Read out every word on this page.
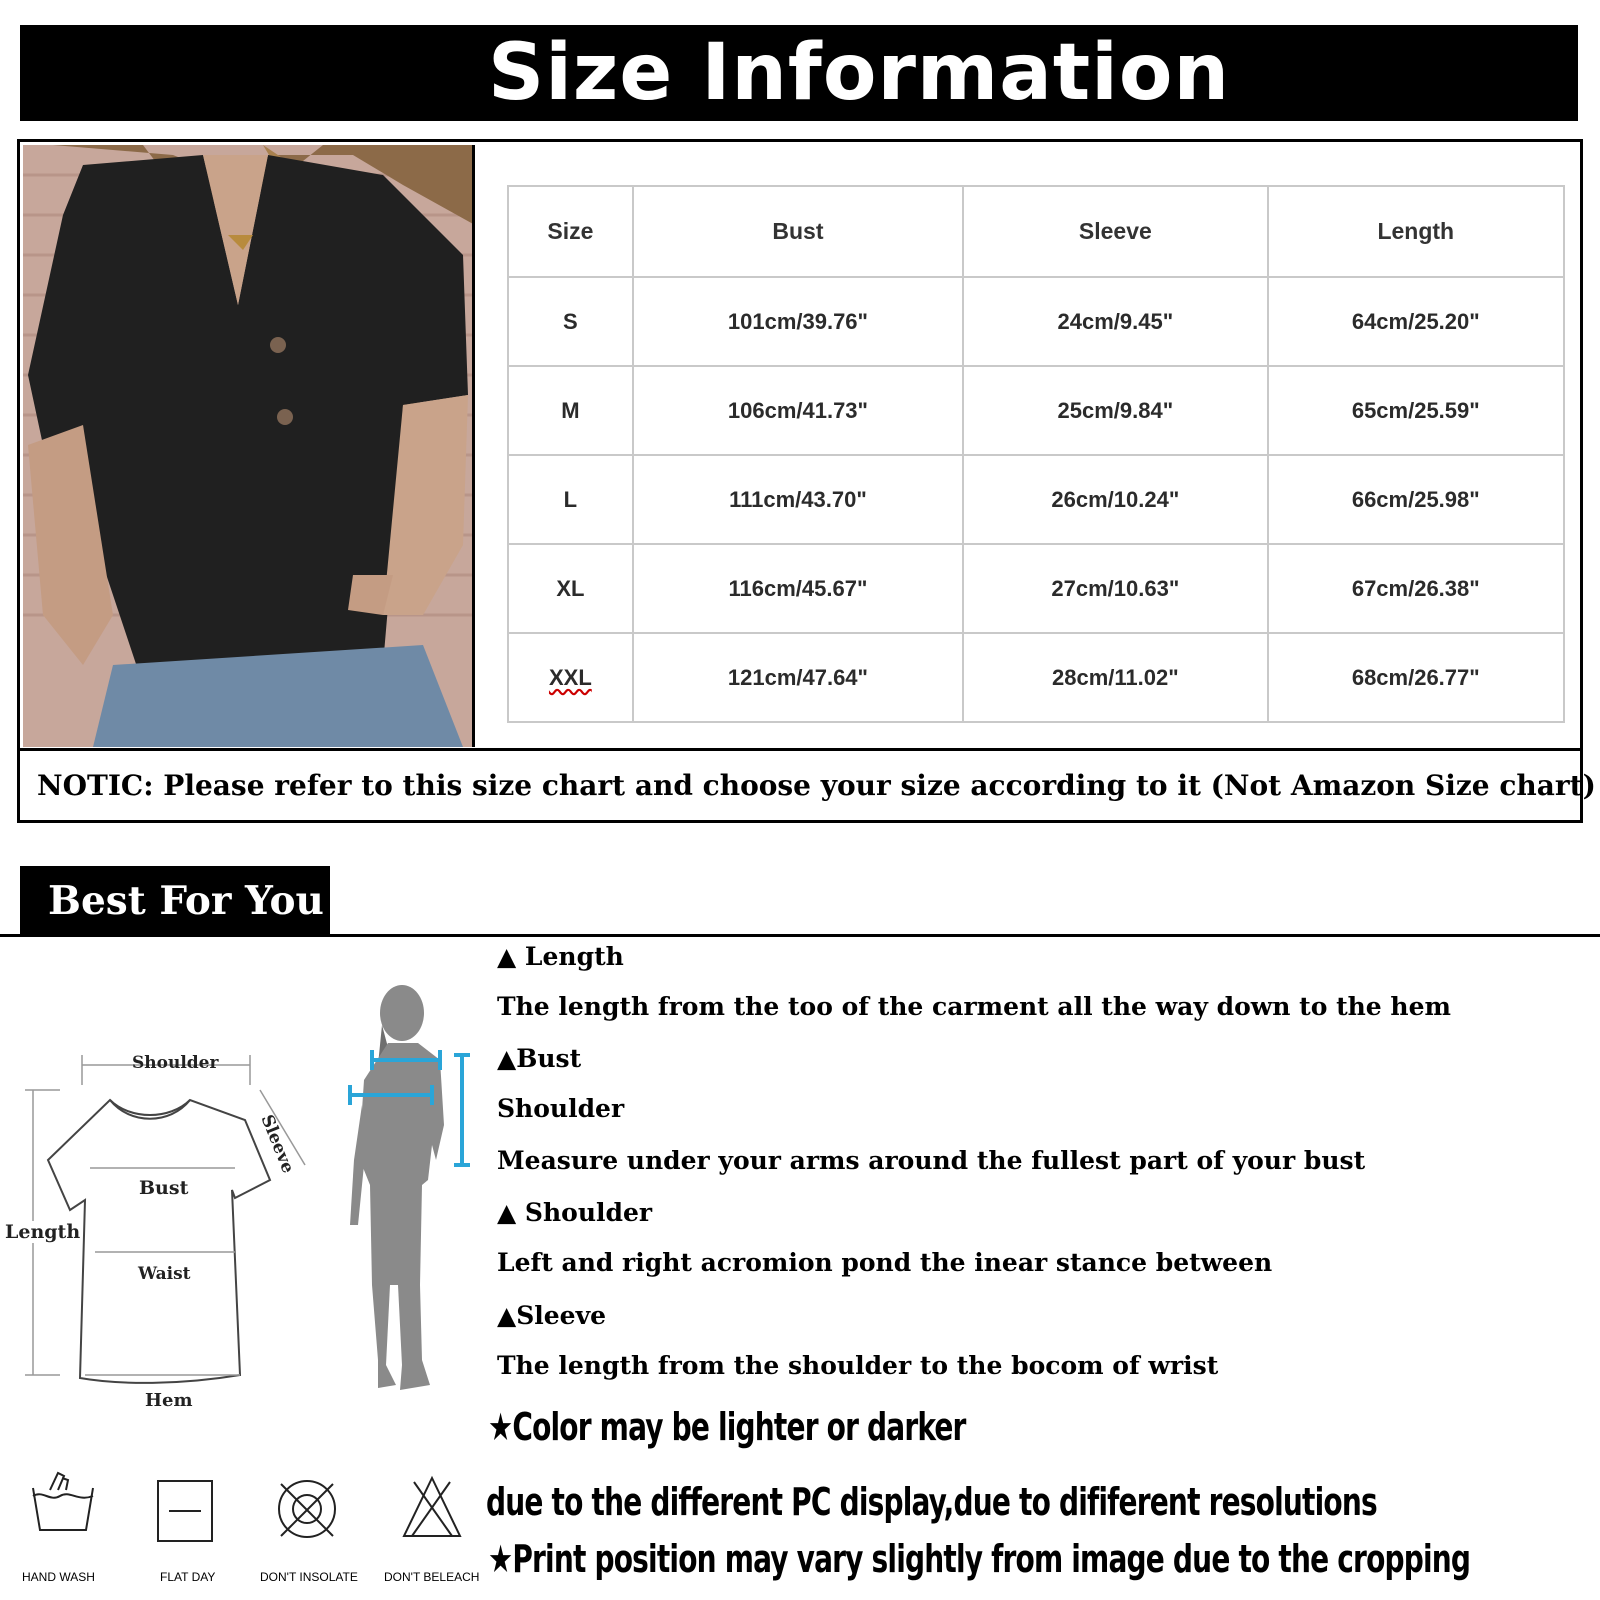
Size Information
Size	Bust	Sleeve	Length
S	101cm/39.76"	24cm/9.45"	64cm/25.20"
M	106cm/41.73"	25cm/9.84"	65cm/25.59"
L	111cm/43.70"	26cm/10.24"	66cm/25.98"
XL	116cm/45.67"	27cm/10.63"	67cm/26.38"
XXL	121cm/47.64"	28cm/11.02"	68cm/26.77"
NOTIC: Please refer to this size chart and choose your size according to it (Not Amazon Size chart)
Best For You
Shoulder
Sleeve
Bust
Length
Waist
Hem
▲ Length
The length from the too of the carment all the way down to the hem
▲Bust
Shoulder
Measure under your arms around the fullest part of your bust
▲ Shoulder
Left and right acromion pond the inear stance between
▲Sleeve
The length from the shoulder to the bocom of wrist
★Color may be lighter or darker
due to the different PC display,due to dififerent resolutions
★Print position may vary slightly from image due to the cropping
HAND WASH	FLAT DAY	DON'T INSOLATE DON'T BELEACH
